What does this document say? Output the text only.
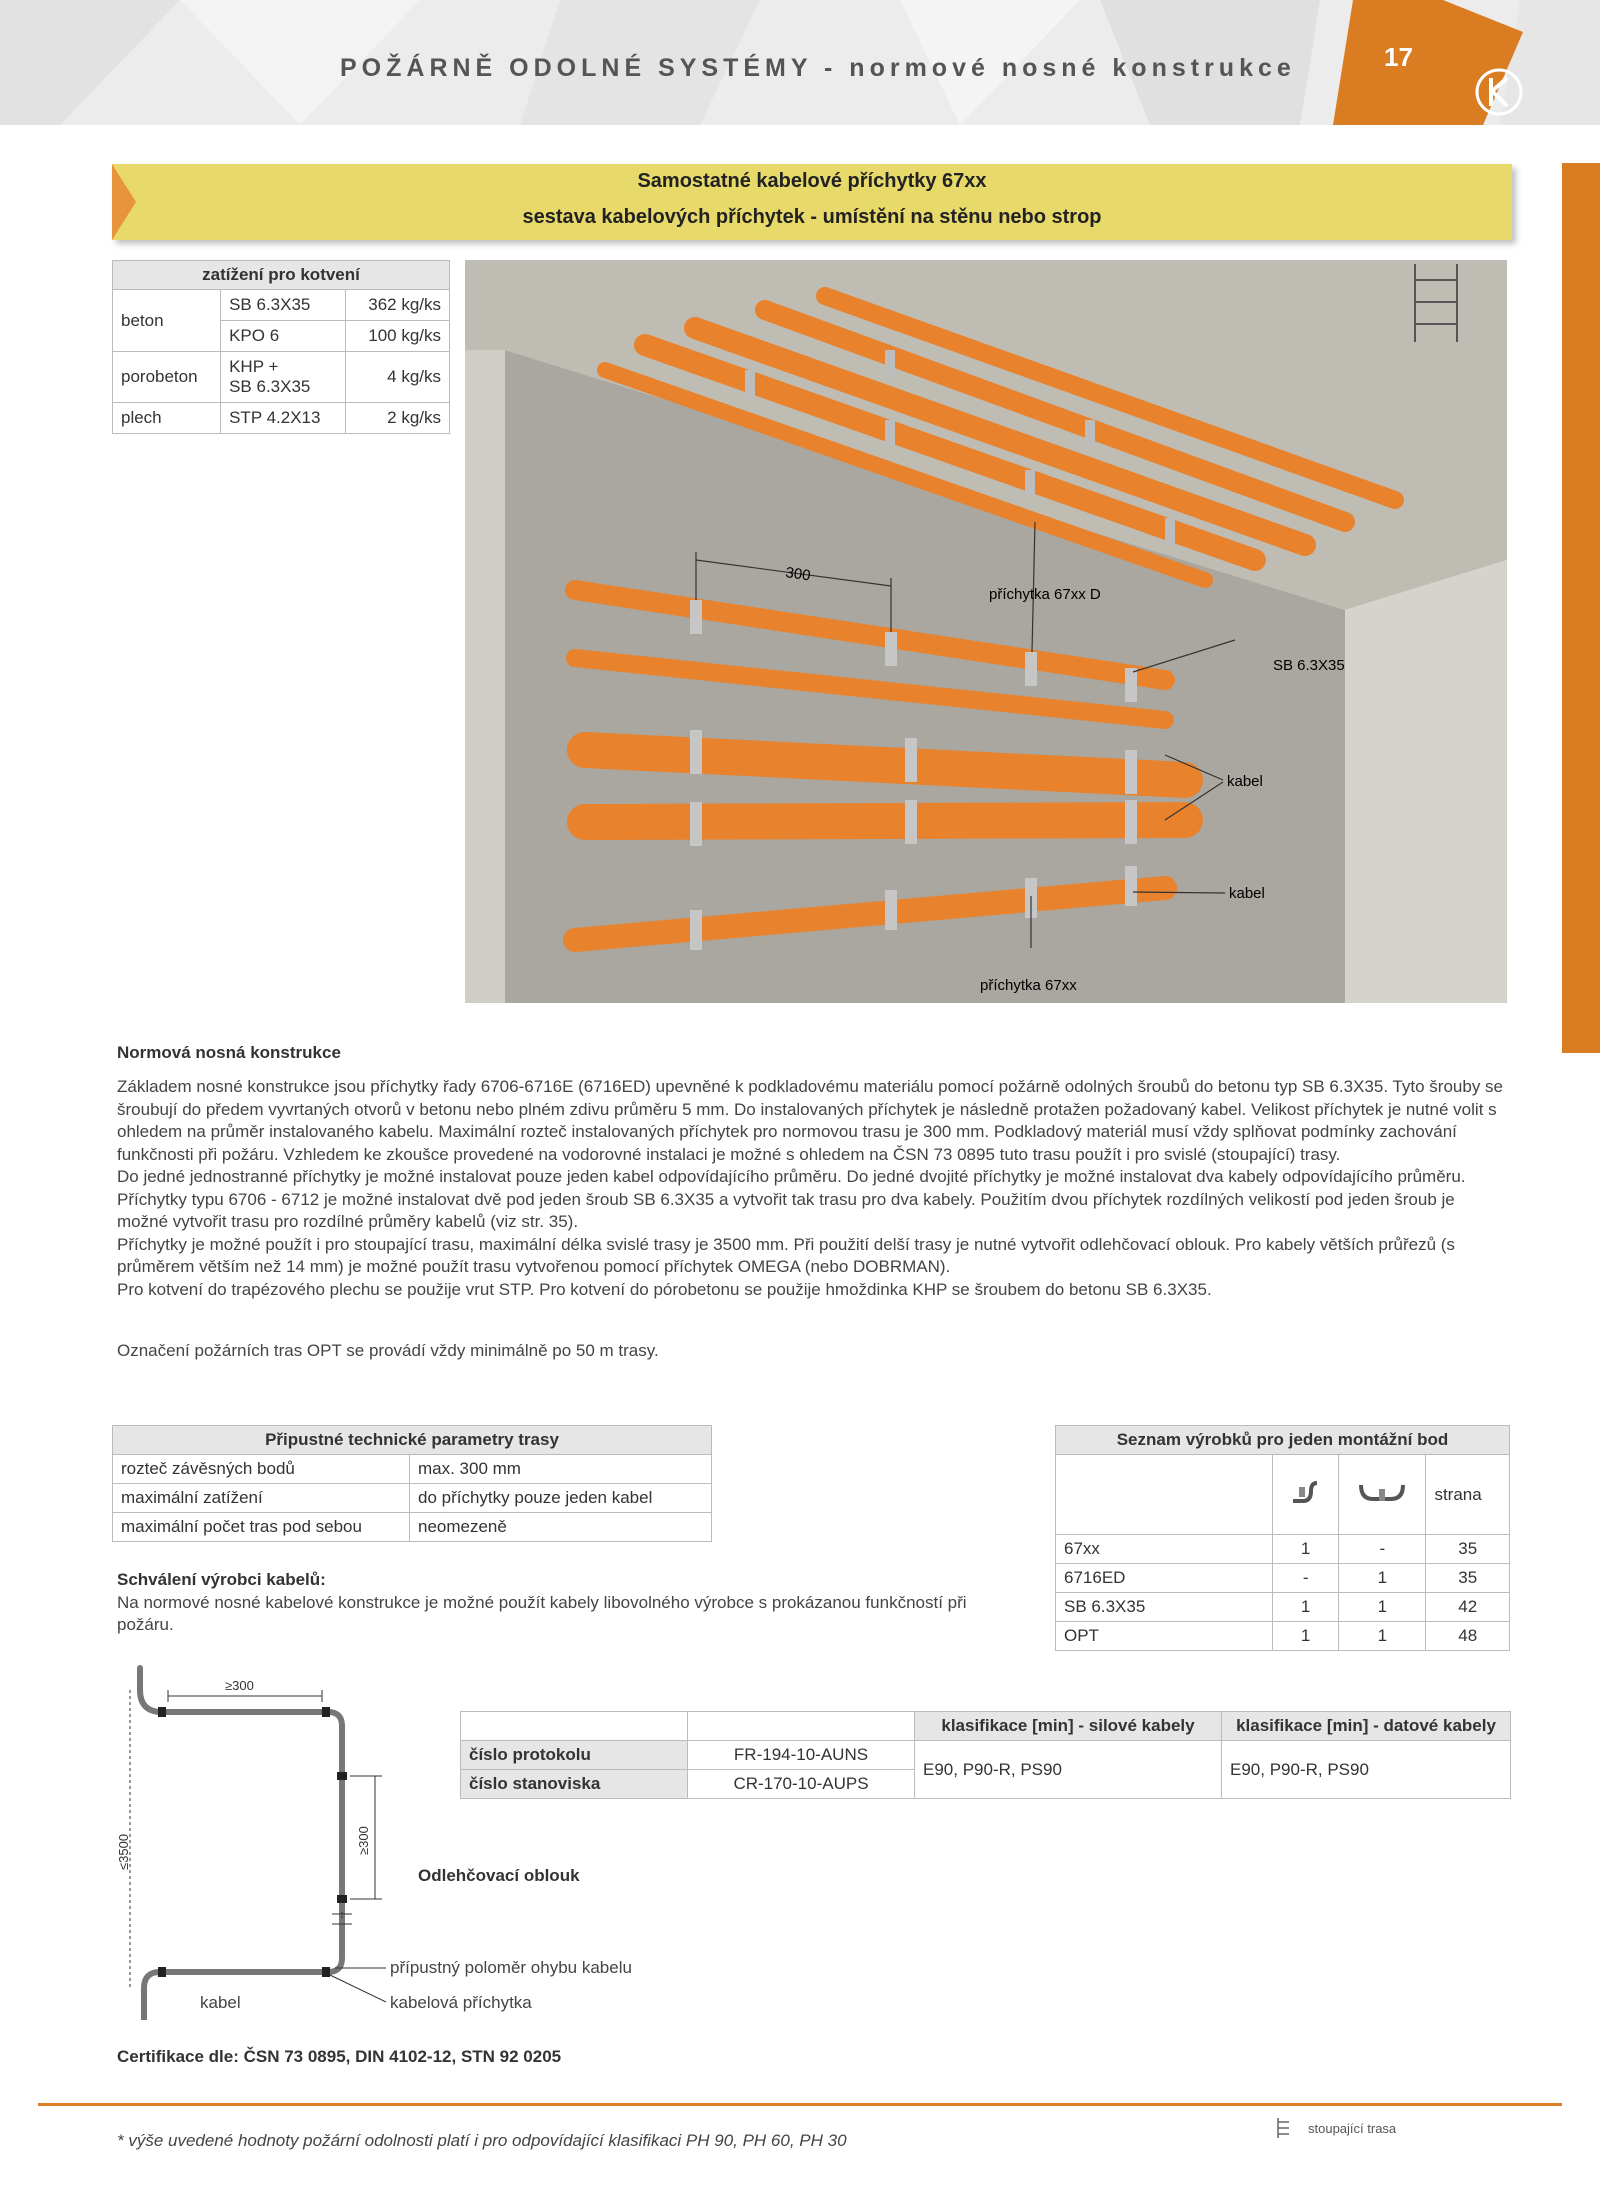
POŽÁRNĚ ODOLNÉ SYSTÉMY - normové nosné konstrukce	17
Samostatné kabelové příchytky 67xx
sestava kabelových příchytek - umístění na stěnu nebo strop
zatížení pro kotvení		
beton	SB 6.3X35	362 kg/ks
	KPO 6	100 kg/ks
porobeton	KHP +
SB 6.3X35	4 kg/ks
plech	STP 4.2X13	2 kg/ks
300
příchytka 67xx D
SB 6.3X35
kabel
kabel
příchytka 67xx
Normová nosná konstrukce

Základem nosné konstrukce jsou příchytky řady 6706-6716E (6716ED) upevněné k podkladovému materiálu pomocí požárně odolných šroubů do betonu typ SB 6.3X35. Tyto šrouby se šroubují do předem vyvrtaných otvorů v betonu nebo plném zdivu průměru 5 mm. Do instalovaných příchytek je následně protažen požadovaný kabel. Velikost příchytek je nutné volit s ohledem na průměr instalovaného kabelu. Maximální rozteč instalovaných příchytek pro normovou trasu je 300 mm. Podkladový materiál musí vždy splňovat podmínky zachování funkčnosti při požáru. Vzhledem ke zkoušce provedené na vodorovné instalaci je možné s ohledem na ČSN 73 0895 tuto trasu použít i pro svislé (stoupající) trasy.

Do jedné jednostranné příchytky je možné instalovat pouze jeden kabel odpovídajícího průměru. Do jedné dvojité příchytky je možné instalovat dva kabely odpovídajícího průměru. Příchytky typu 6706 - 6712 je možné instalovat dvě pod jeden šroub SB 6.3X35 a vytvořit tak trasu pro dva kabely. Použitím dvou příchytek rozdílných velikostí pod jeden šroub je možné vytvořit trasu pro rozdílné průměry kabelů (viz str. 35).

Příchytky je možné použít i pro stoupající trasu, maximální délka svislé trasy je 3500 mm. Při použití delší trasy je nutné vytvořit odlehčovací oblouk. Pro kabely větších průřezů (s průměrem větším než 14 mm) je možné použít trasu vytvořenou pomocí příchytek OMEGA (nebo DOBRMAN).

Pro kotvení do trapézového plechu se použije vrut STP. Pro kotvení do pórobetonu se použije hmoždinka KHP se šroubem do betonu SB 6.3X35.

Označení požárních tras OPT se provádí vždy minimálně po 50 m trasy.
Připustné technické parametry trasy	
rozteč závěsných bodů	max. 300 mm
maximální zatížení	do příchytky pouze jeden kabel
maximální počet tras pod sebou	neomezeně
Seznam výrobků pro jeden montážní bod			
			strana
67xx	1	-	35
6716ED	-	1	35
SB 6.3X35	1	1	42
OPT	1	1	48
Schválení výrobci kabelů:
Na normové nosné kabelové konstrukce je možné použít kabely libovolného výrobce s prokázanou funkčností při požáru.
		klasifikace [min] - silové kabely	klasifikace [min] - datové kabely
číslo protokolu	FR-194-10-AUNS	E90, P90-R, PS90	E90, P90-R, PS90
číslo stanoviska	CR-170-10-AUPS		
≥300
≥300
≤3500
přípustný poloměr ohybu kabelu
kabelová příchytka
kabel
Odlehčovací oblouk
Certifikace dle: ČSN 73 0895, DIN 4102-12, STN 92 0205
* výše uvedené hodnoty požární odolnosti platí i pro odpovídající klasifikaci PH 90, PH 60, PH 30
stoupající trasa
